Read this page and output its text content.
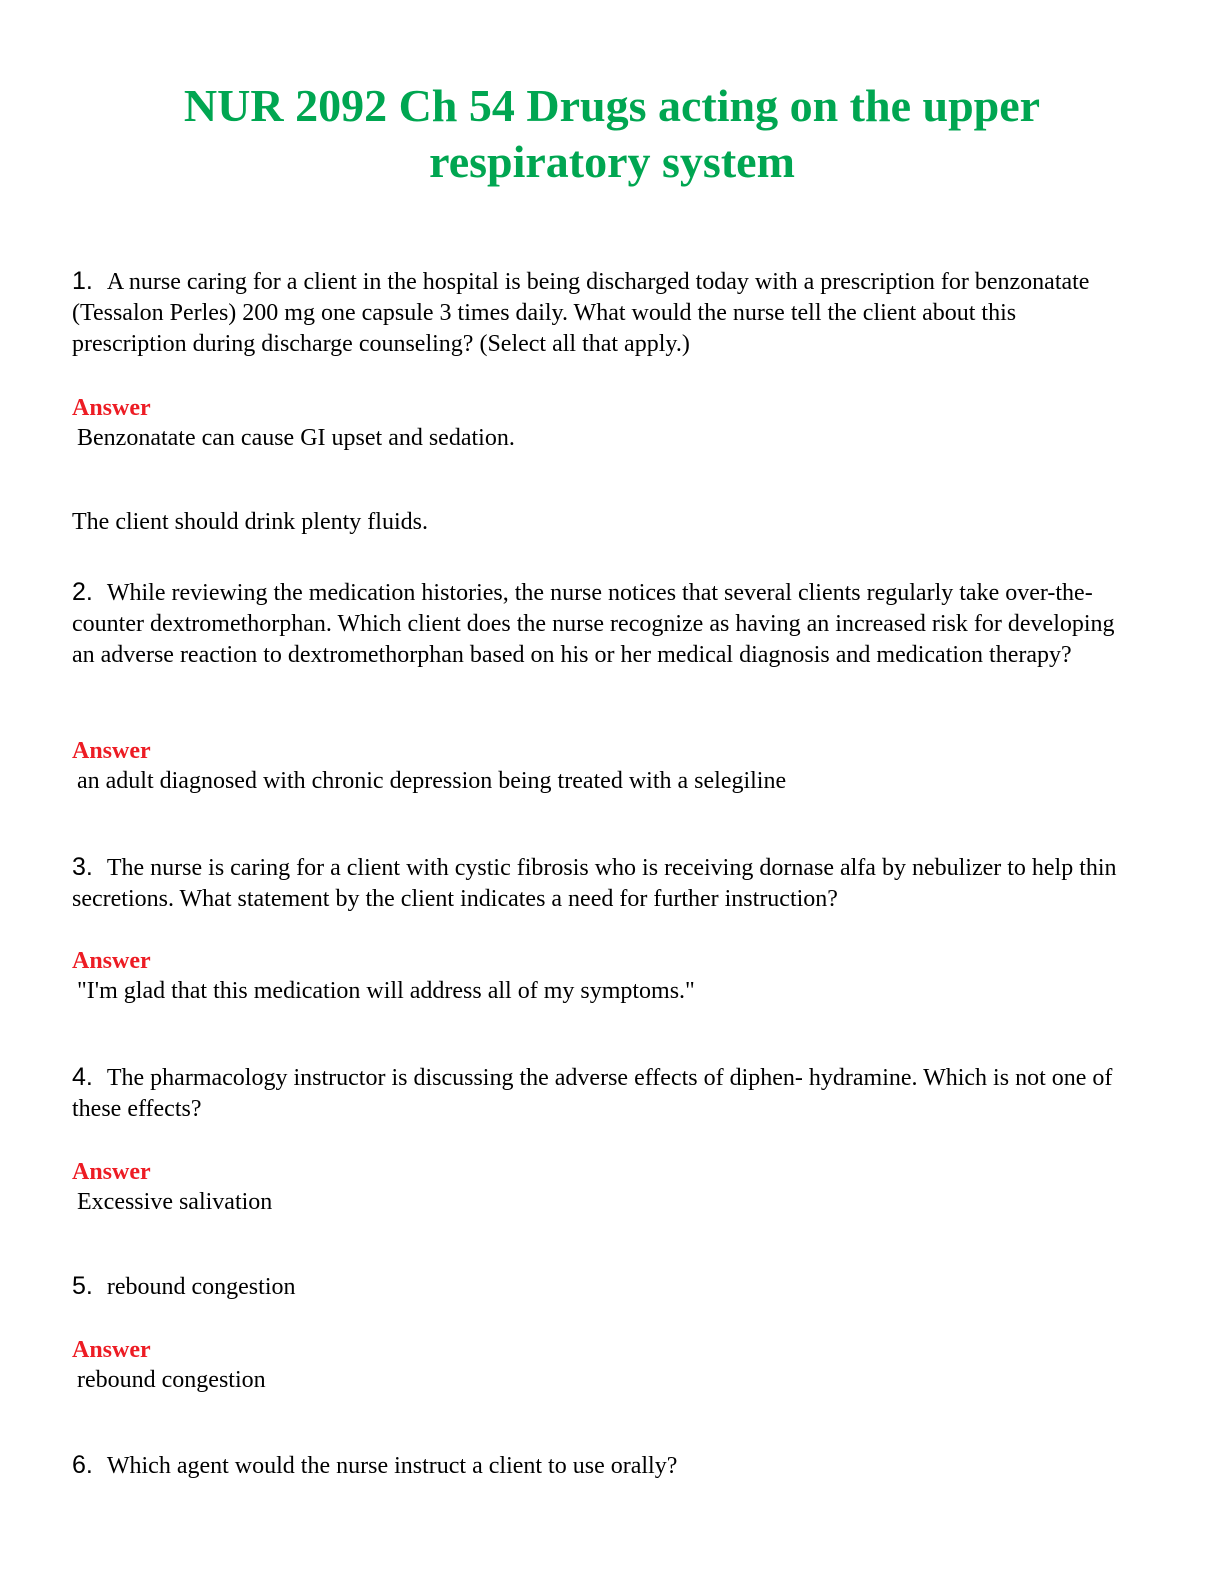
NUR 2092 Ch 54 Drugs acting on the upper
respiratory system

1. A nurse caring for a client in the hospital is being discharged today with a prescription for benzonatate (Tessalon Perles) 200 mg one capsule 3 times daily. What would the nurse tell the client about this prescription during discharge counseling? (Select all that apply.)

Answer

Benzonatate can cause GI upset and sedation.

The client should drink plenty fluids.

2. While reviewing the medication histories, the nurse notices that several clients regularly take over-the-counter dextromethorphan. Which client does the nurse recognize as having an increased risk for developing an adverse reaction to dextromethorphan based on his or her medical diagnosis and medication therapy?

Answer

an adult diagnosed with chronic depression being treated with a selegiline

3. The nurse is caring for a client with cystic fibrosis who is receiving dornase alfa by nebulizer to help thin secretions. What statement by the client indicates a need for further instruction?

Answer

"I'm glad that this medication will address all of my symptoms."

4. The pharmacology instructor is discussing the adverse effects of diphen- hydramine. Which is not one of these effects?

Answer

Excessive salivation

5. rebound congestion

Answer

rebound congestion

6. Which agent would the nurse instruct a client to use orally?
